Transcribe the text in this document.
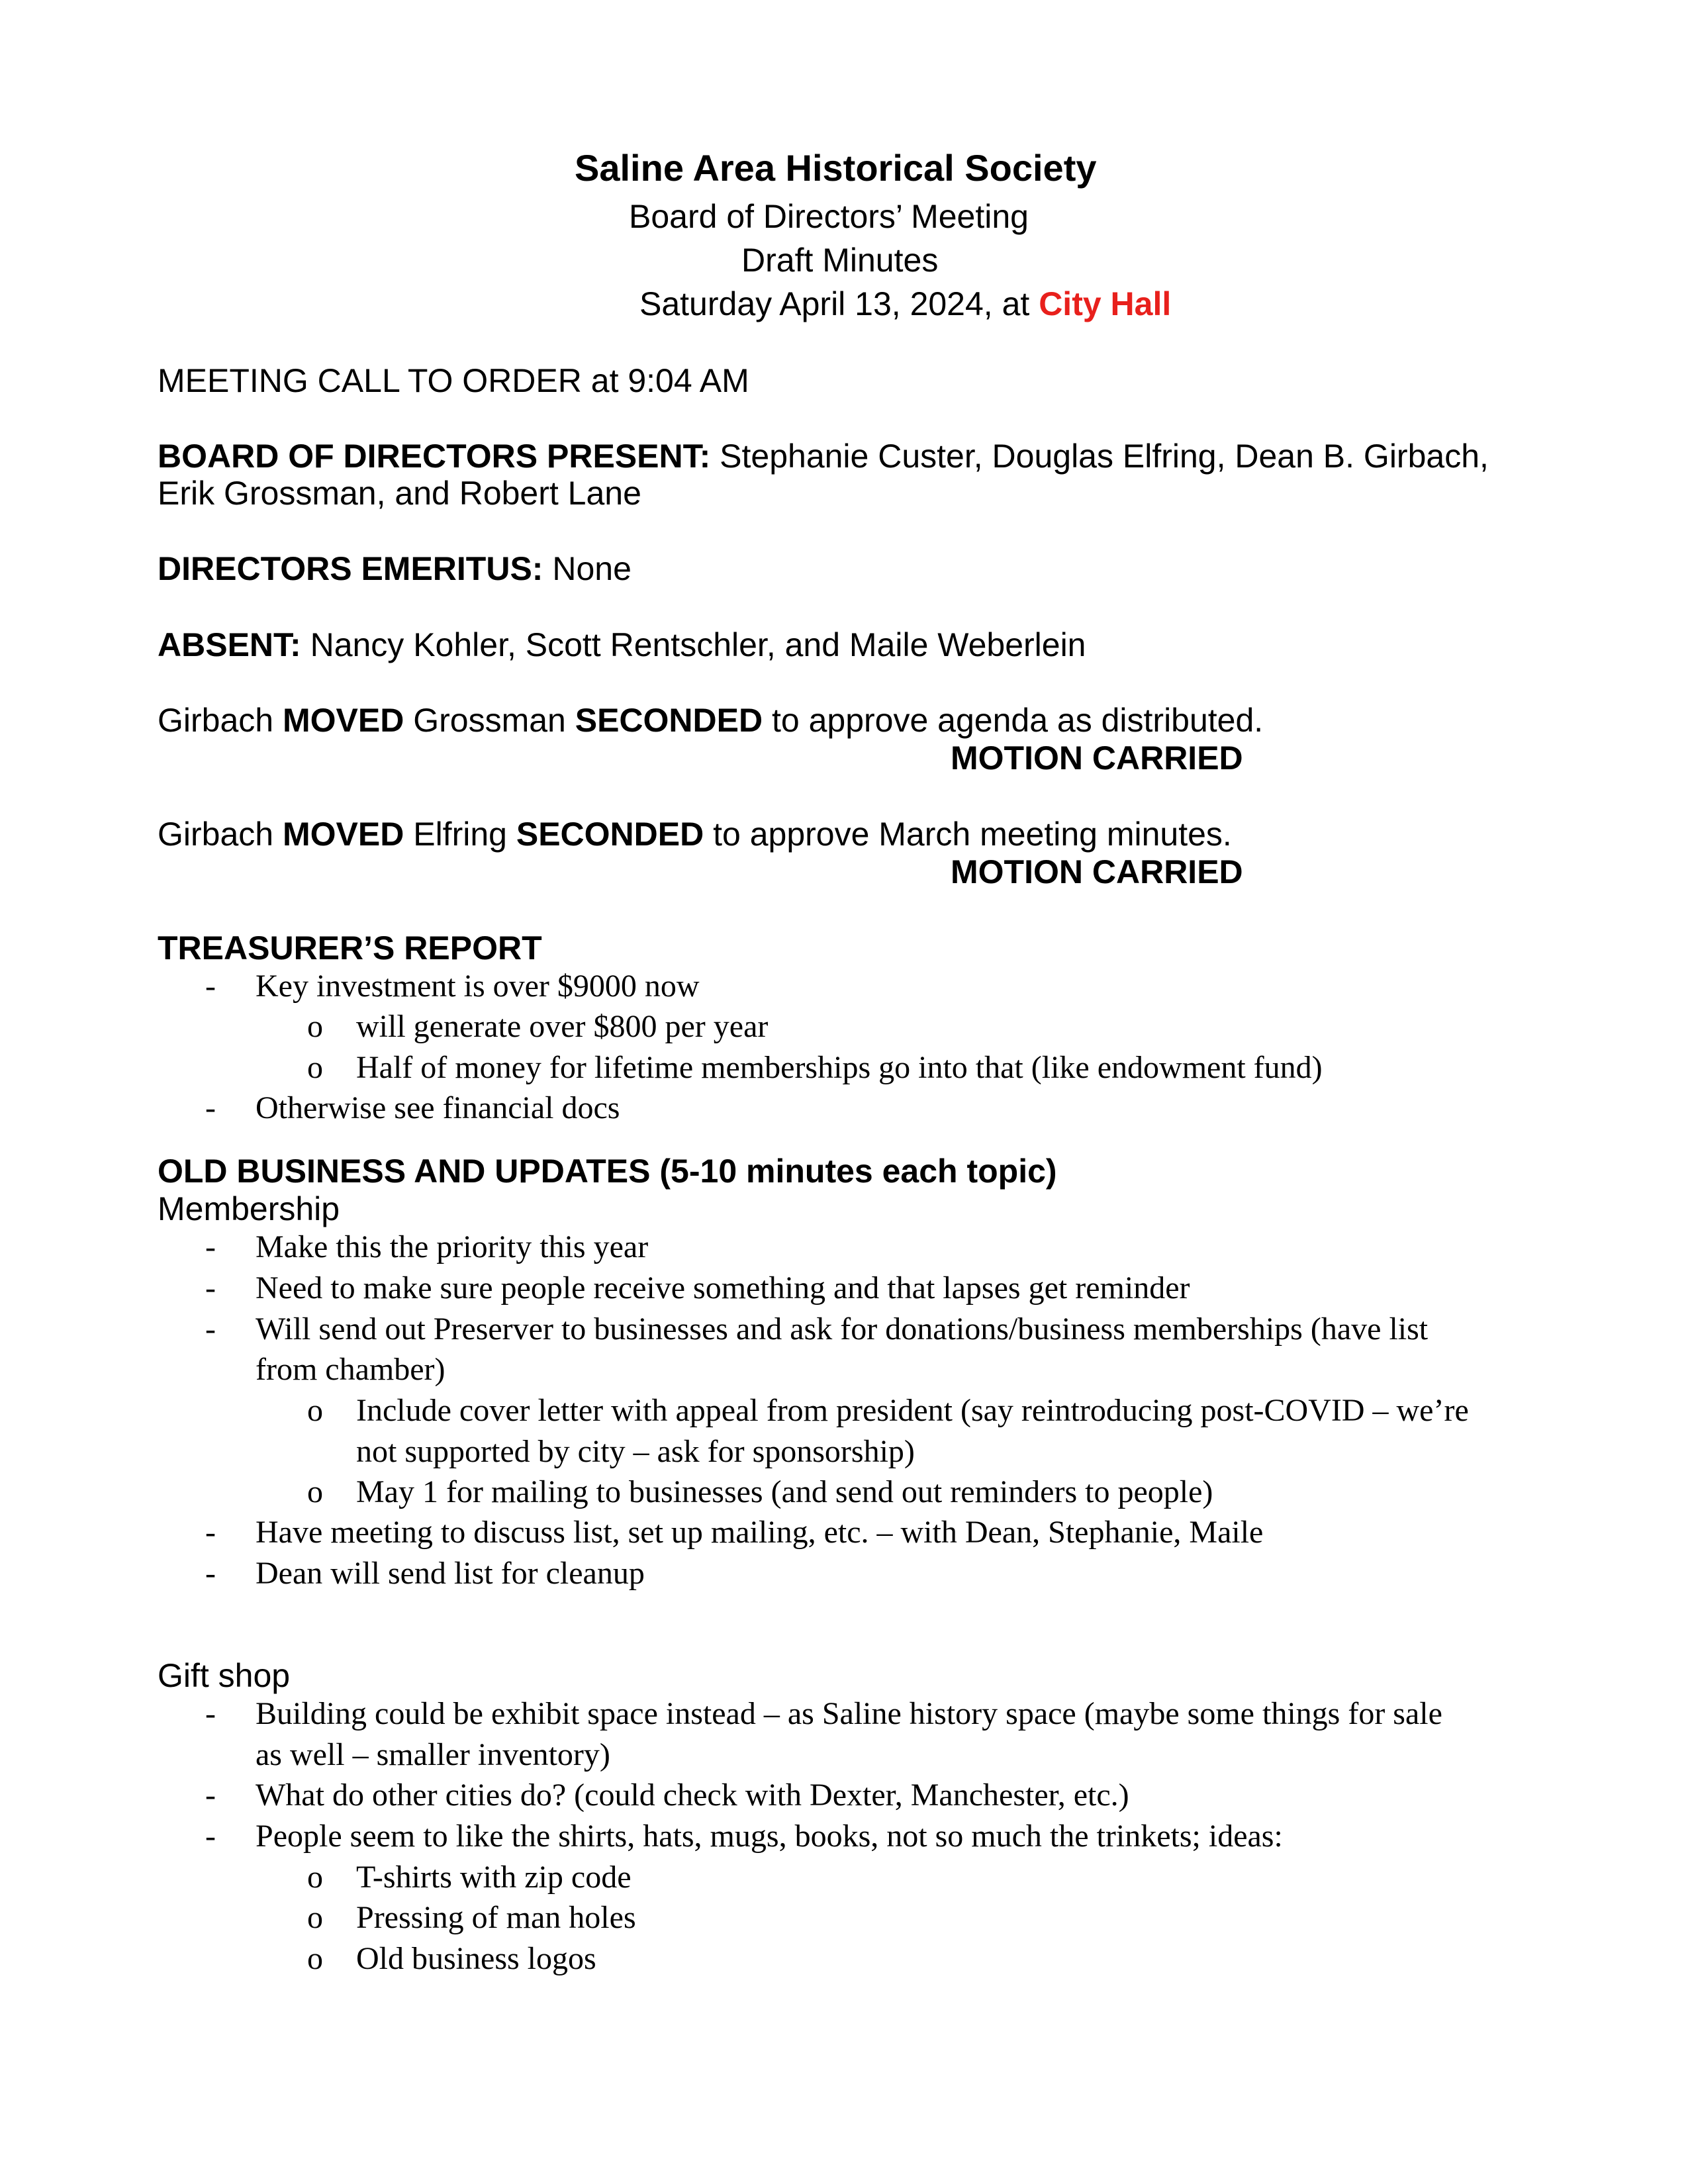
Saline Area Historical Society
Board of Directors’ Meeting
Draft Minutes
Saturday April 13, 2024, at City Hall
MEETING CALL TO ORDER at 9:04 AM
BOARD OF DIRECTORS PRESENT: Stephanie Custer, Douglas Elfring, Dean B. Girbach,
Erik Grossman, and Robert Lane
DIRECTORS EMERITUS: None
ABSENT: Nancy Kohler, Scott Rentschler, and Maile Weberlein
Girbach MOVED Grossman SECONDED to approve agenda as distributed.
MOTION CARRIED
Girbach MOVED Elfring SECONDED to approve March meeting minutes.
MOTION CARRIED
TREASURER’S REPORT
- Key investment is over $9000 now
o will generate over $800 per year
o Half of money for lifetime memberships go into that (like endowment fund)
- Otherwise see financial docs
OLD BUSINESS AND UPDATES (5-10 minutes each topic)
Membership
- Make this the priority this year
- Need to make sure people receive something and that lapses get reminder
- Will send out Preserver to businesses and ask for donations/business memberships (have list
from chamber)
o Include cover letter with appeal from president (say reintroducing post-COVID – we’re
not supported by city – ask for sponsorship)
o May 1 for mailing to businesses (and send out reminders to people)
- Have meeting to discuss list, set up mailing, etc. – with Dean, Stephanie, Maile
- Dean will send list for cleanup
Gift shop
- Building could be exhibit space instead – as Saline history space (maybe some things for sale
as well – smaller inventory)
- What do other cities do? (could check with Dexter, Manchester, etc.)
- People seem to like the shirts, hats, mugs, books, not so much the trinkets; ideas:
o T-shirts with zip code
o Pressing of man holes
o Old business logos
